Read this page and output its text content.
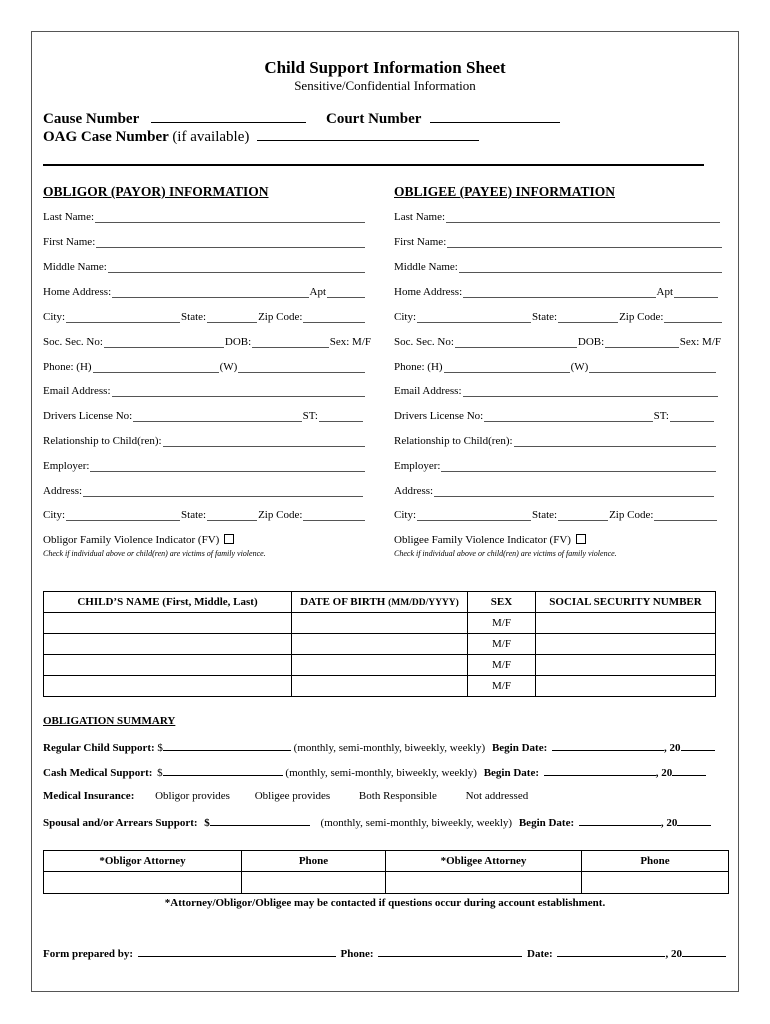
Child Support Information Sheet
Sensitive/Confidential Information
Cause Number	Court Number
OAG Case Number (if available)
OBLIGOR (PAYOR) INFORMATION	OBLIGEE (PAYEE) INFORMATION
Last Name:
First Name:
Middle Name:
Home Address:	Apt
City:	State:	Zip Code:
Soc. Sec. No:	DOB:	Sex: M/F
Phone: (H)	(W)
Email Address:
Drivers License No:	ST:
Relationship to Child(ren):
Employer:
Address:
City:	State:	Zip Code:
Obligor Family Violence Indicator (FV)
Check if individual above or child(ren) are victims of family violence.
Last Name:
First Name:
Middle Name:
Home Address:	Apt
City:	State:	Zip Code:
Soc. Sec. No:	DOB:	Sex: M/F
Phone: (H)	(W)
Email Address:
Drivers License No:	ST:
Relationship to Child(ren):
Employer:
Address:
City:	State:	Zip Code:
Obligee Family Violence Indicator (FV)
Check if individual above or child(ren) are victims of family violence.
CHILD’S NAME (First, Middle, Last)	DATE OF BIRTH (MM/DD/YYYY)	SEX	SOCIAL SECURITY NUMBER
		M/F	
		M/F	
		M/F	
		M/F	
OBLIGATION SUMMARY
Regular Child Support: $	(monthly, semi-monthly, biweekly, weekly) Begin Date:	, 20
Cash Medical Support: $	(monthly, semi-monthly, biweekly, weekly) Begin Date:	, 20
Medical Insurance: Obligor provides Obligee provides	Both Responsible	Not addressed
Spousal and/or Arrears Support: $	(monthly, semi-monthly, biweekly, weekly) Begin Date:	, 20
*Obligor Attorney	Phone	*Obligee Attorney	Phone

*Attorney/Obligor/Obligee may be contacted if questions occur during account establishment.
Form prepared by:	Phone:	Date:	, 20
